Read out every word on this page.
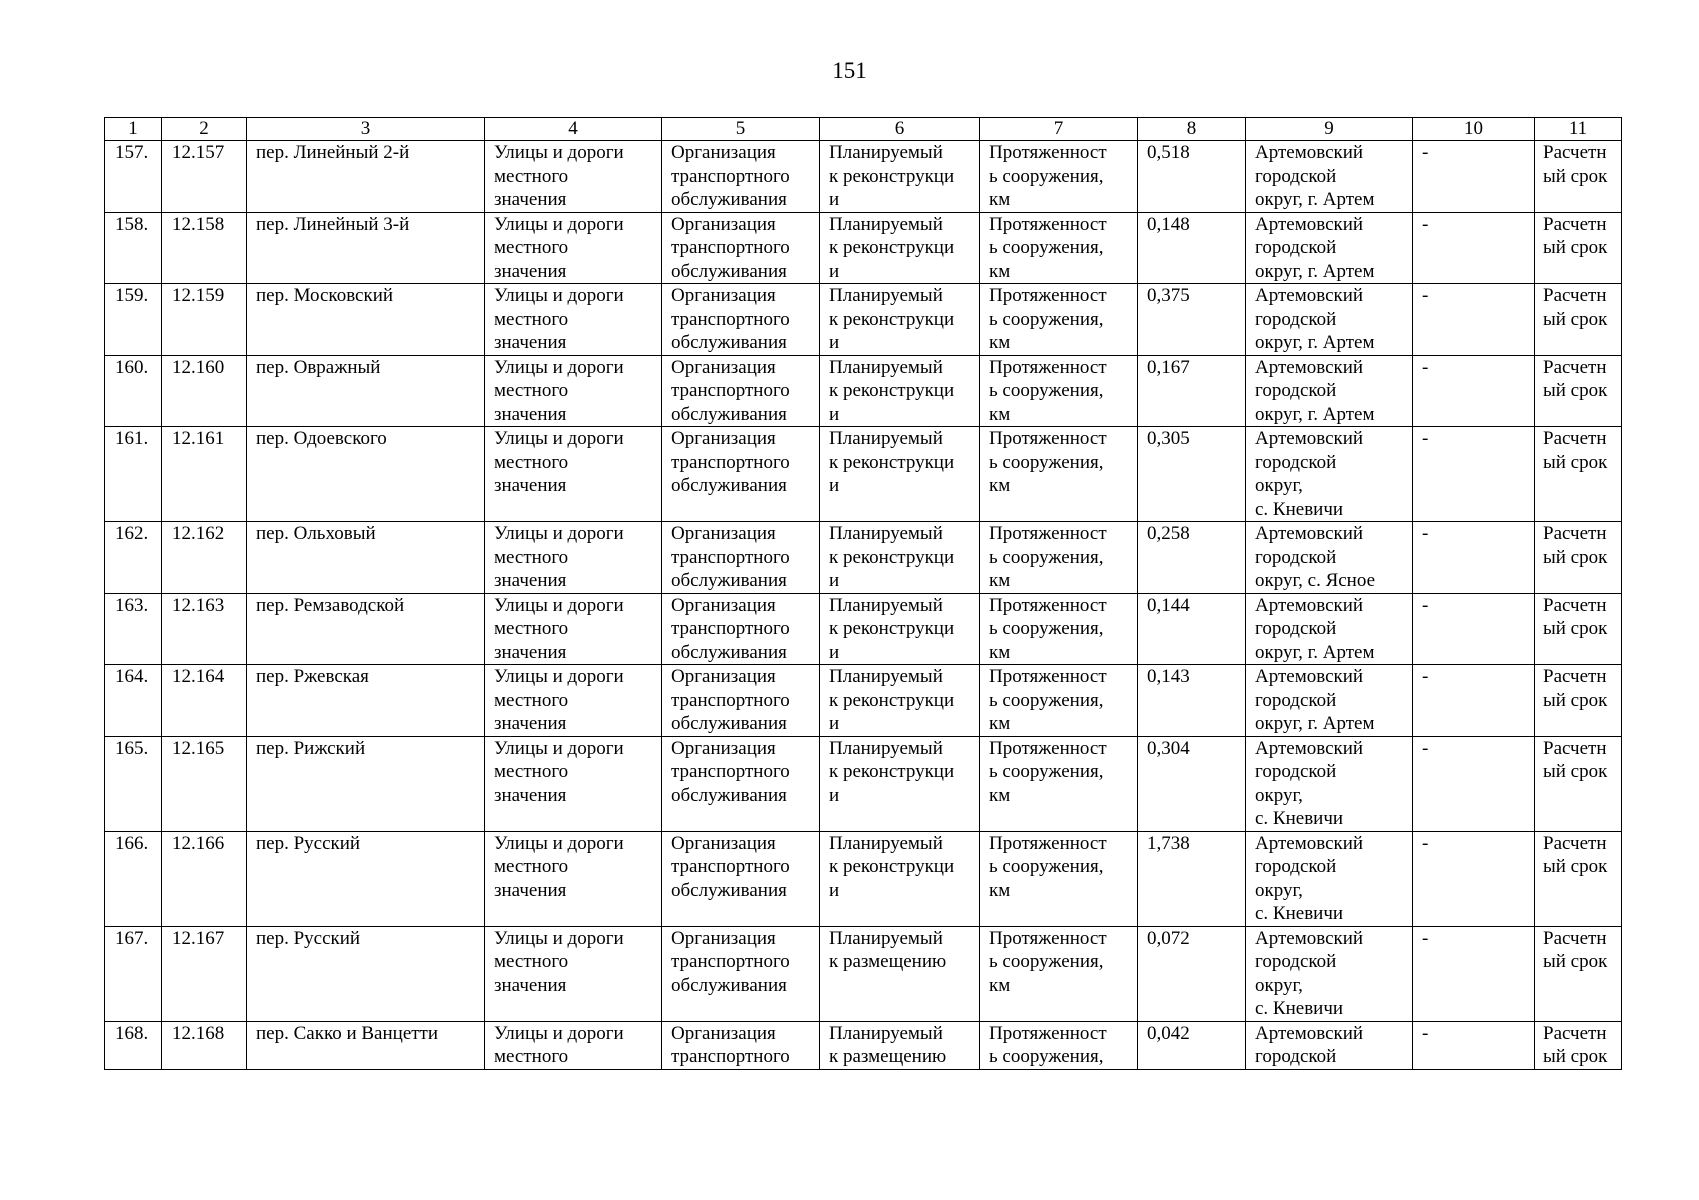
151
1	2	3	4	5	6	7	8	9	10	11
157.	12.157	пер. Линейный 2-й	Улицы и дороги
местного
значения	Организация
транспортного
обслуживания	Планируемый
к реконструкци
и	Протяженност
ь сооружения,
км	0,518	Артемовский
городской
округ, г. Артем	-	Расчетн
ый срок
158.	12.158	пер. Линейный 3-й	Улицы и дороги
местного
значения	Организация
транспортного
обслуживания	Планируемый
к реконструкци
и	Протяженност
ь сооружения,
км	0,148	Артемовский
городской
округ, г. Артем	-	Расчетн
ый срок
159.	12.159	пер. Московский	Улицы и дороги
местного
значения	Организация
транспортного
обслуживания	Планируемый
к реконструкци
и	Протяженност
ь сооружения,
км	0,375	Артемовский
городской
округ, г. Артем	-	Расчетн
ый срок
160.	12.160	пер. Овражный	Улицы и дороги
местного
значения	Организация
транспортного
обслуживания	Планируемый
к реконструкци
и	Протяженност
ь сооружения,
км	0,167	Артемовский
городской
округ, г. Артем	-	Расчетн
ый срок
161.	12.161	пер. Одоевского	Улицы и дороги
местного
значения	Организация
транспортного
обслуживания	Планируемый
к реконструкци
и	Протяженност
ь сооружения,
км	0,305	Артемовский
городской
округ,
с. Кневичи	-	Расчетн
ый срок
162.	12.162	пер. Ольховый	Улицы и дороги
местного
значения	Организация
транспортного
обслуживания	Планируемый
к реконструкци
и	Протяженност
ь сооружения,
км	0,258	Артемовский
городской
округ, с. Ясное	-	Расчетн
ый срок
163.	12.163	пер. Ремзаводской	Улицы и дороги
местного
значения	Организация
транспортного
обслуживания	Планируемый
к реконструкци
и	Протяженност
ь сооружения,
км	0,144	Артемовский
городской
округ, г. Артем	-	Расчетн
ый срок
164.	12.164	пер. Ржевская	Улицы и дороги
местного
значения	Организация
транспортного
обслуживания	Планируемый
к реконструкци
и	Протяженност
ь сооружения,
км	0,143	Артемовский
городской
округ, г. Артем	-	Расчетн
ый срок
165.	12.165	пер. Рижский	Улицы и дороги
местного
значения	Организация
транспортного
обслуживания	Планируемый
к реконструкци
и	Протяженност
ь сооружения,
км	0,304	Артемовский
городской
округ,
с. Кневичи	-	Расчетн
ый срок
166.	12.166	пер. Русский	Улицы и дороги
местного
значения	Организация
транспортного
обслуживания	Планируемый
к реконструкци
и	Протяженност
ь сооружения,
км	1,738	Артемовский
городской
округ,
с. Кневичи	-	Расчетн
ый срок
167.	12.167	пер. Русский	Улицы и дороги
местного
значения	Организация
транспортного
обслуживания	Планируемый
к размещению	Протяженност
ь сооружения,
км	0,072	Артемовский
городской
округ,
с. Кневичи	-	Расчетн
ый срок
168.	12.168	пер. Сакко и Ванцетти	Улицы и дороги
местного	Организация
транспортного	Планируемый
к размещению	Протяженност
ь сооружения,	0,042	Артемовский
городской	-	Расчетн
ый срок
